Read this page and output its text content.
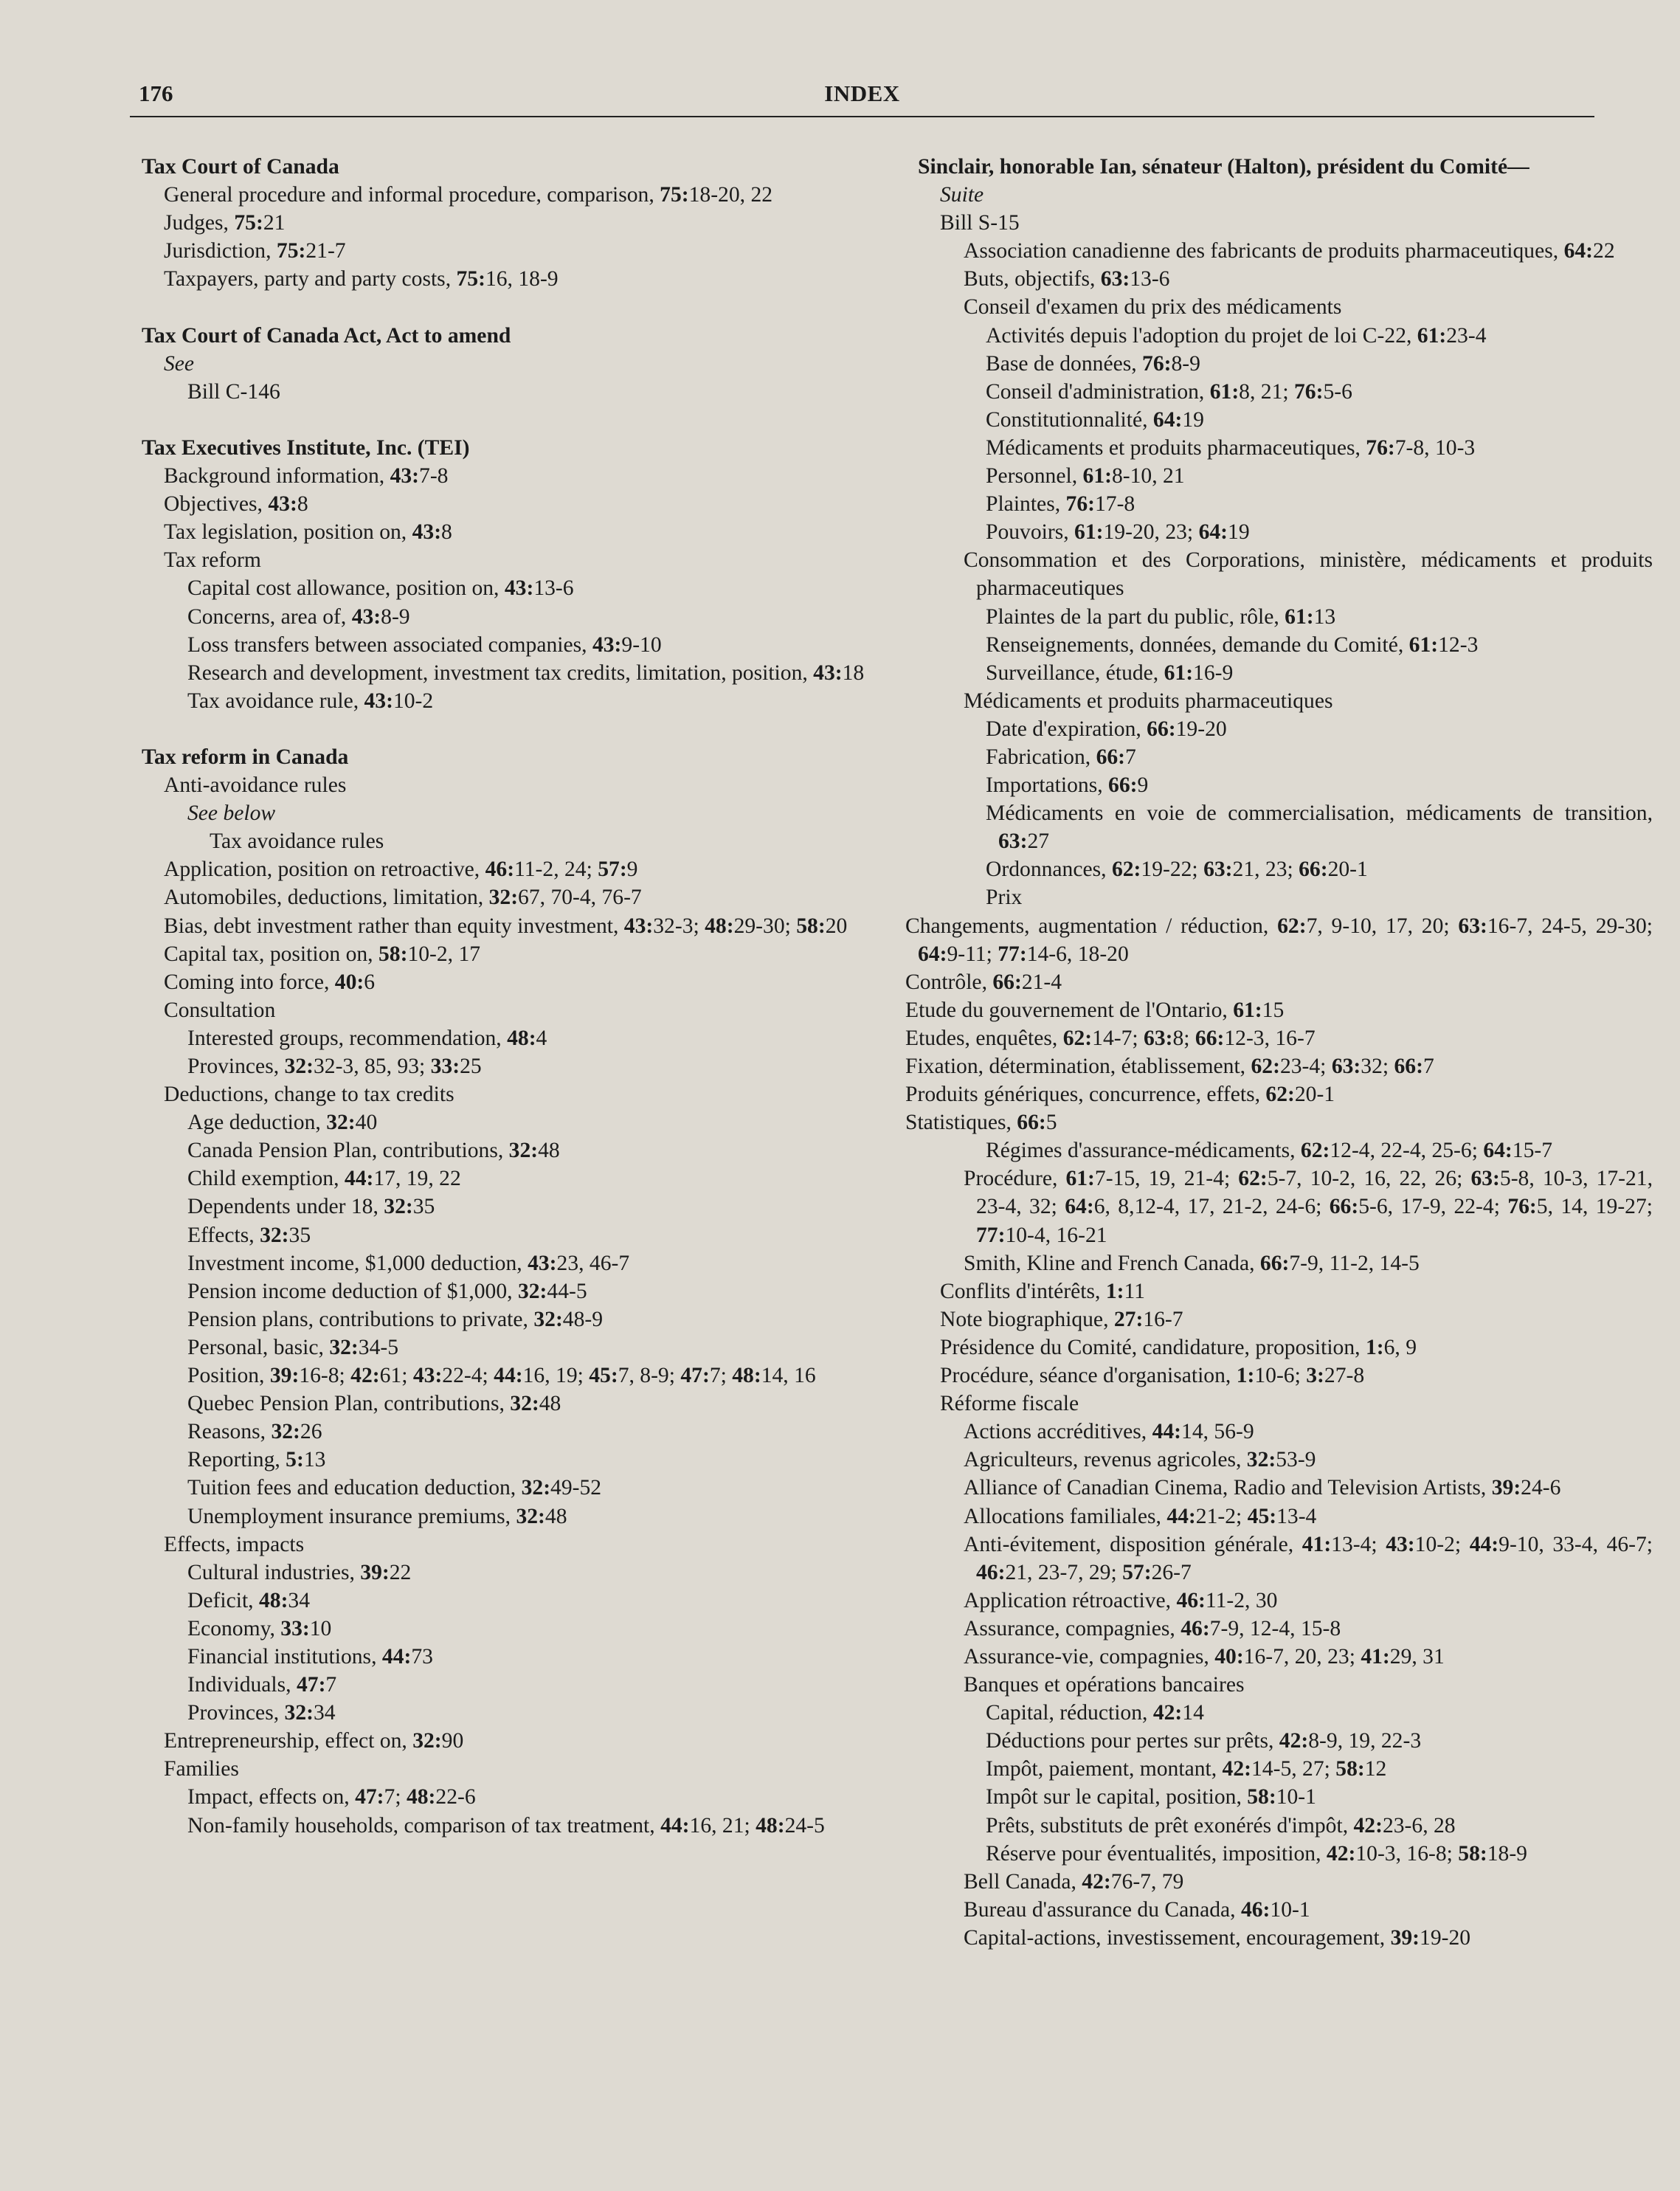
176	INDEX
Tax Court of Canada
General procedure and informal procedure, comparison, 75:18-20, 22
Judges, 75:21
Jurisdiction, 75:21-7
Taxpayers, party and party costs, 75:16, 18-9
Tax Court of Canada Act, Act to amend
See
Bill C-146
Tax Executives Institute, Inc. (TEI)
Background information, 43:7-8
Objectives, 43:8
Tax legislation, position on, 43:8
Tax reform
Capital cost allowance, position on, 43:13-6
Concerns, area of, 43:8-9
Loss transfers between associated companies, 43:9-10
Research and development, investment tax credits, limitation, position, 43:18
Tax avoidance rule, 43:10-2
Tax reform in Canada
Anti-avoidance rules
See below
Tax avoidance rules
Application, position on retroactive, 46:11-2, 24; 57:9
Automobiles, deductions, limitation, 32:67, 70-4, 76-7
Bias, debt investment rather than equity investment, 43:32-3; 48:29-30; 58:20
Capital tax, position on, 58:10-2, 17
Coming into force, 40:6
Consultation
Interested groups, recommendation, 48:4
Provinces, 32:32-3, 85, 93; 33:25
Deductions, change to tax credits
Age deduction, 32:40
Canada Pension Plan, contributions, 32:48
Child exemption, 44:17, 19, 22
Dependents under 18, 32:35
Effects, 32:35
Investment income, $1,000 deduction, 43:23, 46-7
Pension income deduction of $1,000, 32:44-5
Pension plans, contributions to private, 32:48-9
Personal, basic, 32:34-5
Position, 39:16-8; 42:61; 43:22-4; 44:16, 19; 45:7, 8-9; 47:7; 48:14, 16
Quebec Pension Plan, contributions, 32:48
Reasons, 32:26
Reporting, 5:13
Tuition fees and education deduction, 32:49-52
Unemployment insurance premiums, 32:48
Effects, impacts
Cultural industries, 39:22
Deficit, 48:34
Economy, 33:10
Financial institutions, 44:73
Individuals, 47:7
Provinces, 32:34
Entrepreneurship, effect on, 32:90
Families
Impact, effects on, 47:7; 48:22-6
Non-family households, comparison of tax treatment, 44:16, 21; 48:24-5
Sinclair, honorable Ian, sénateur (Halton), président du Comité—
Suite
Bill S-15
Association canadienne des fabricants de produits pharmaceutiques, 64:22
Buts, objectifs, 63:13-6
Conseil d'examen du prix des médicaments
Activités depuis l'adoption du projet de loi C-22, 61:23-4
Base de données, 76:8-9
Conseil d'administration, 61:8, 21; 76:5-6
Constitutionnalité, 64:19
Médicaments et produits pharmaceutiques, 76:7-8, 10-3
Personnel, 61:8-10, 21
Plaintes, 76:17-8
Pouvoirs, 61:19-20, 23; 64:19
Consommation et des Corporations, ministère, médicaments et produits pharmaceutiques
Plaintes de la part du public, rôle, 61:13
Renseignements, données, demande du Comité, 61:12-3
Surveillance, étude, 61:16-9
Médicaments et produits pharmaceutiques
Date d'expiration, 66:19-20
Fabrication, 66:7
Importations, 66:9
Médicaments en voie de commercialisation, médicaments de transition, 63:27
Ordonnances, 62:19-22; 63:21, 23; 66:20-1
Prix
Changements, augmentation / réduction, 62:7, 9-10, 17, 20; 63:16-7, 24-5, 29-30; 64:9-11; 77:14-6, 18-20
Contrôle, 66:21-4
Etude du gouvernement de l'Ontario, 61:15
Etudes, enquêtes, 62:14-7; 63:8; 66:12-3, 16-7
Fixation, détermination, établissement, 62:23-4; 63:32; 66:7
Produits génériques, concurrence, effets, 62:20-1
Statistiques, 66:5
Régimes d'assurance-médicaments, 62:12-4, 22-4, 25-6; 64:15-7
Procédure, 61:7-15, 19, 21-4; 62:5-7, 10-2, 16, 22, 26; 63:5-8, 10-3, 17-21, 23-4, 32; 64:6, 8,12-4, 17, 21-2, 24-6; 66:5-6, 17-9, 22-4; 76:5, 14, 19-27; 77:10-4, 16-21
Smith, Kline and French Canada, 66:7-9, 11-2, 14-5
Conflits d'intérêts, 1:11
Note biographique, 27:16-7
Présidence du Comité, candidature, proposition, 1:6, 9
Procédure, séance d'organisation, 1:10-6; 3:27-8
Réforme fiscale
Actions accréditives, 44:14, 56-9
Agriculteurs, revenus agricoles, 32:53-9
Alliance of Canadian Cinema, Radio and Television Artists, 39:24-6
Allocations familiales, 44:21-2; 45:13-4
Anti-évitement, disposition générale, 41:13-4; 43:10-2; 44:9-10, 33-4, 46-7; 46:21, 23-7, 29; 57:26-7
Application rétroactive, 46:11-2, 30
Assurance, compagnies, 46:7-9, 12-4, 15-8
Assurance-vie, compagnies, 40:16-7, 20, 23; 41:29, 31
Banques et opérations bancaires
Capital, réduction, 42:14
Déductions pour pertes sur prêts, 42:8-9, 19, 22-3
Impôt, paiement, montant, 42:14-5, 27; 58:12
Impôt sur le capital, position, 58:10-1
Prêts, substituts de prêt exonérés d'impôt, 42:23-6, 28
Réserve pour éventualités, imposition, 42:10-3, 16-8; 58:18-9
Bell Canada, 42:76-7, 79
Bureau d'assurance du Canada, 46:10-1
Capital-actions, investissement, encouragement, 39:19-20
